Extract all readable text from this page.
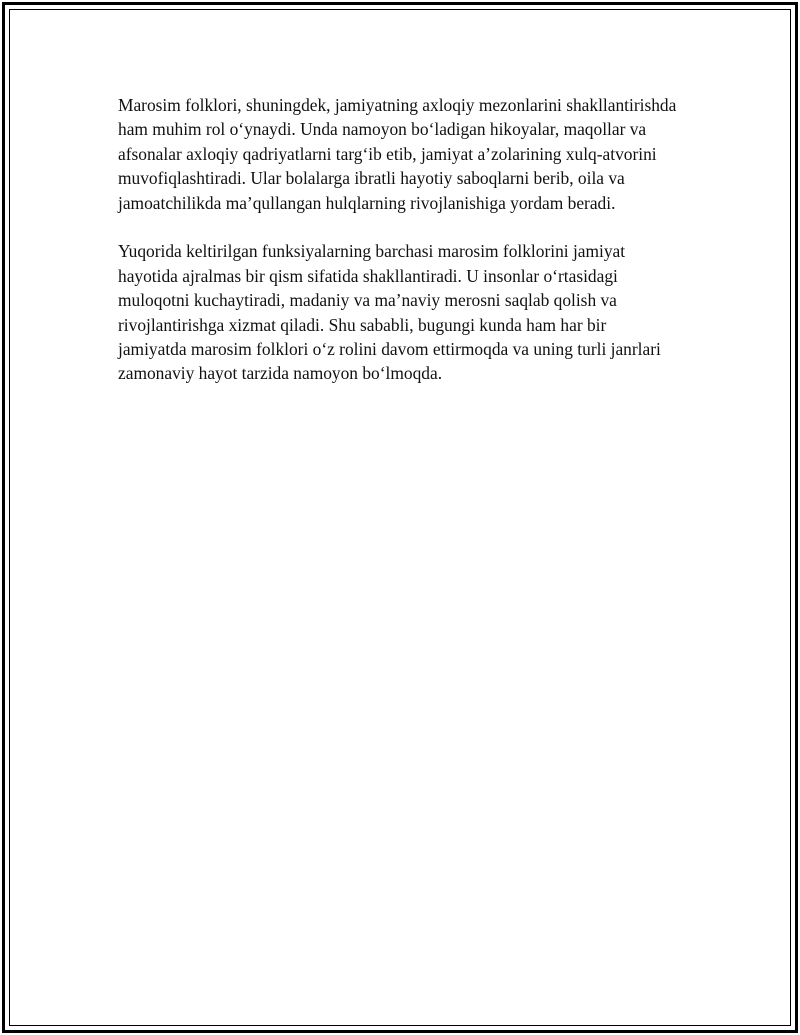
Marosim folklori, shuningdek, jamiyatning axloqiy mezonlarini shakllantirishda ham muhim rol o‘ynaydi. Unda namoyon bo‘ladigan hikoyalar, maqollar va afsonalar axloqiy qadriyatlarni targ‘ib etib, jamiyat a’zolarining xulq-atvorini muvofiqlashtiradi. Ular bolalarga ibratli hayotiy saboqlarni berib, oila va jamoatchilikda ma’qullangan hulqlarning rivojlanishiga yordam beradi.

Yuqorida keltirilgan funksiyalarning barchasi marosim folklorini jamiyat hayotida ajralmas bir qism sifatida shakllantiradi. U insonlar o‘rtasidagi muloqotni kuchaytiradi, madaniy va ma’naviy merosni saqlab qolish va rivojlantirishga xizmat qiladi. Shu sababli, bugungi kunda ham har bir jamiyatda marosim folklori o‘z rolini davom ettirmoqda va uning turli janrlari zamonaviy hayot tarzida namoyon bo‘lmoqda.
